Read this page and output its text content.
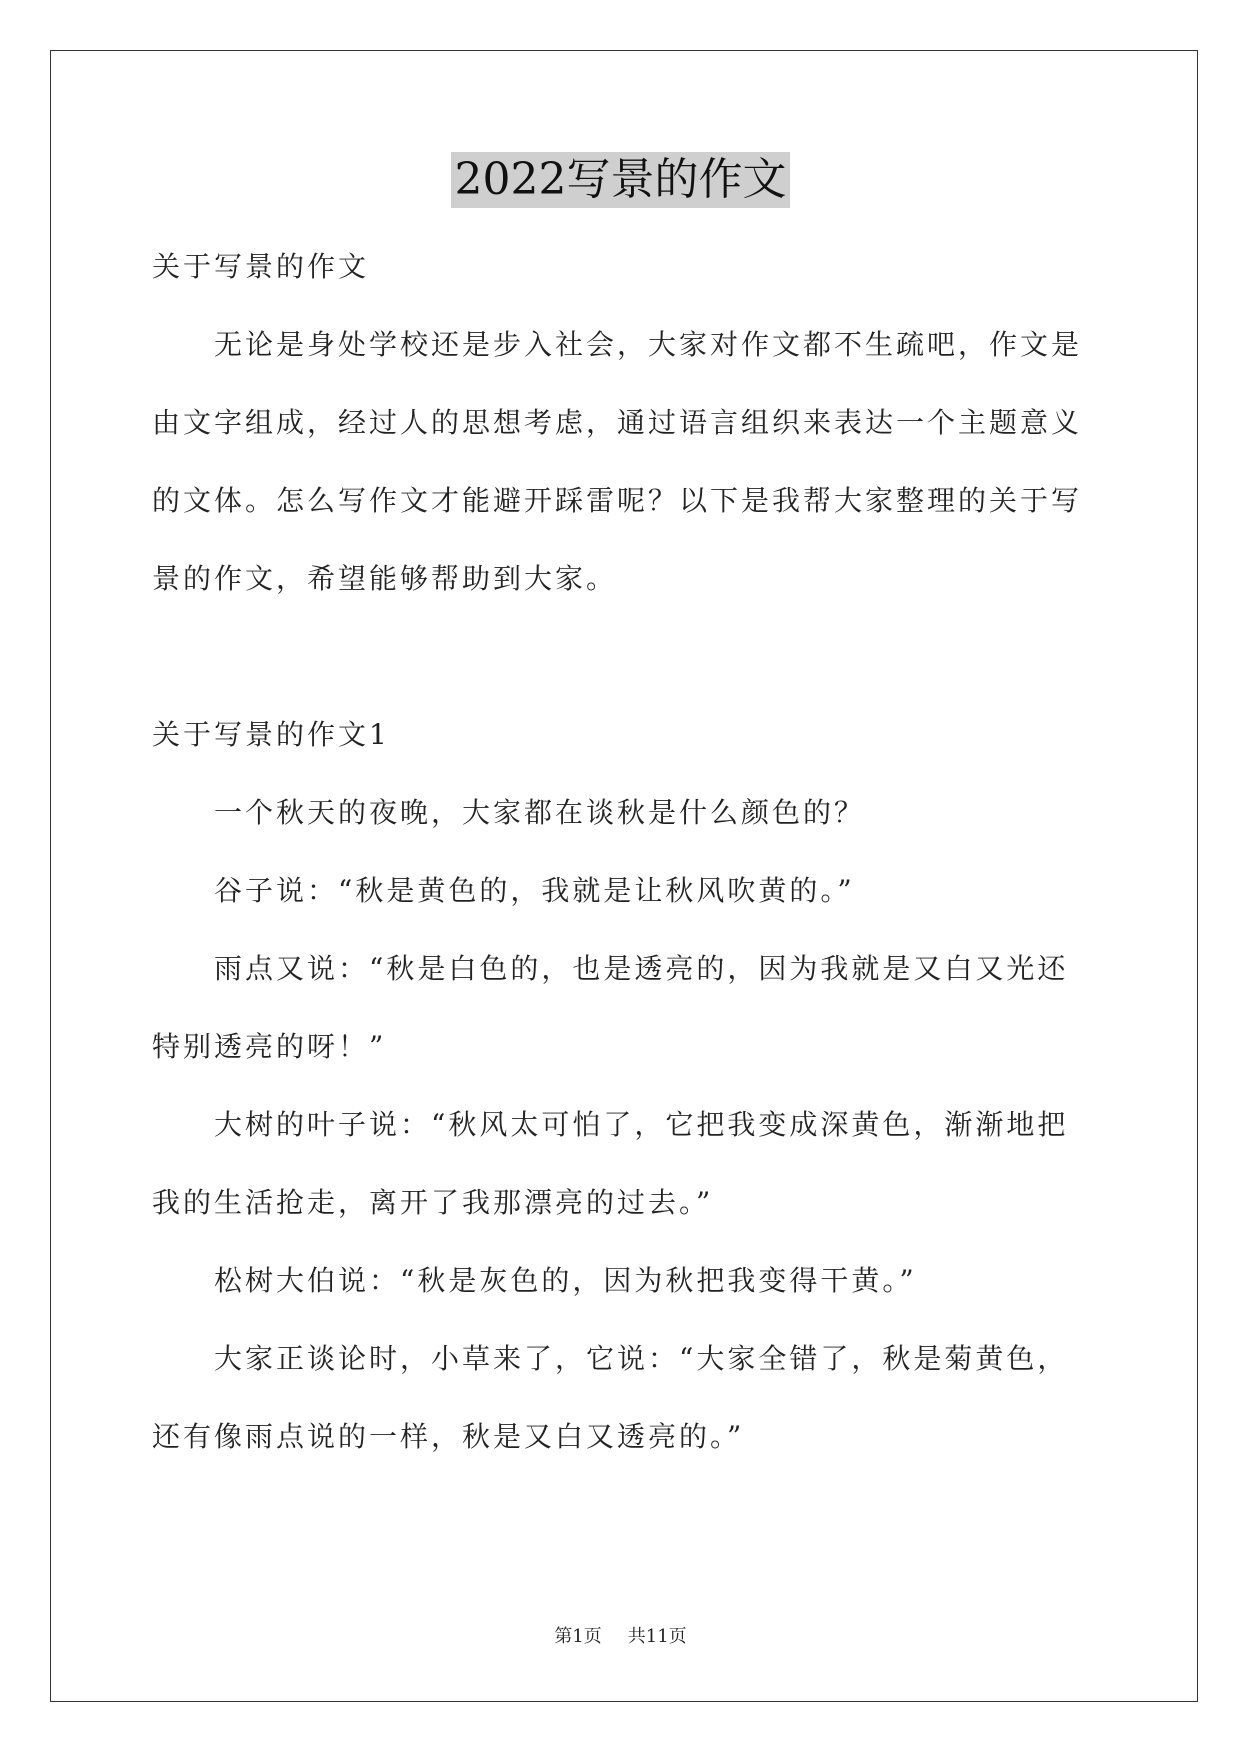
2022写景的作文

关于写景的作文

无论是身处学校还是步入社会，大家对作文都不生疏吧，作文是由文字组成，经过人的思想考虑，通过语言组织来表达一个主题意义的文体。怎么写作文才能避开踩雷呢？以下是我帮大家整理的关于写景的作文，希望能够帮助到大家。

关于写景的作文1

一个秋天的夜晚，大家都在谈秋是什么颜色的？

谷子说：“秋是黄色的，我就是让秋风吹黄的。”

雨点又说：“秋是白色的，也是透亮的，因为我就是又白又光还特别透亮的呀！”

大树的叶子说：“秋风太可怕了，它把我变成深黄色，渐渐地把我的生活抢走，离开了我那漂亮的过去。”

松树大伯说：“秋是灰色的，因为秋把我变得干黄。”

大家正谈论时，小草来了，它说：“大家全错了，秋是菊黄色，还有像雨点说的一样，秋是又白又透亮的。”

第1页 共11页
